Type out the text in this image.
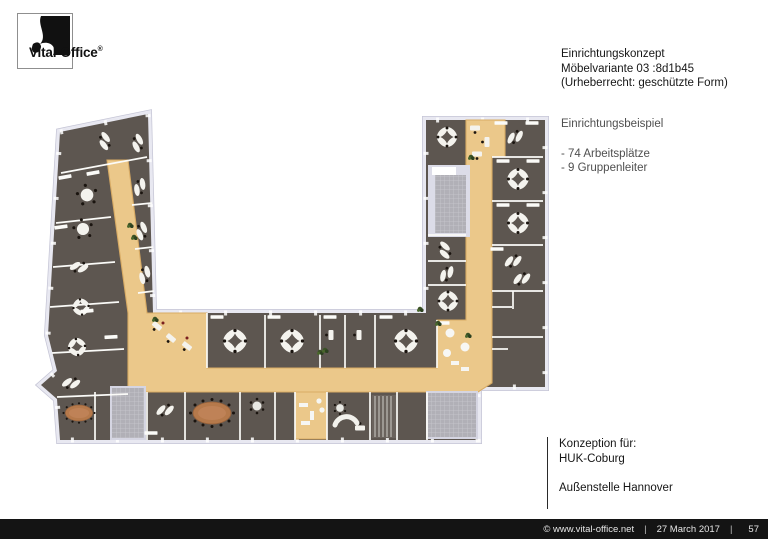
Vital-Office®	Einrichtungskonzept
Möbelvariante 03 :8d1b45
(Urheberrecht: geschützte Form)
Einrichtungsbeispiel
- 74 Arbeitsplätze
- 9 Gruppenleiter
Konzeption für:
HUK-Coburg
Außenstelle Hannover
© www.vital-office.net | 27 March 2017 | 57
